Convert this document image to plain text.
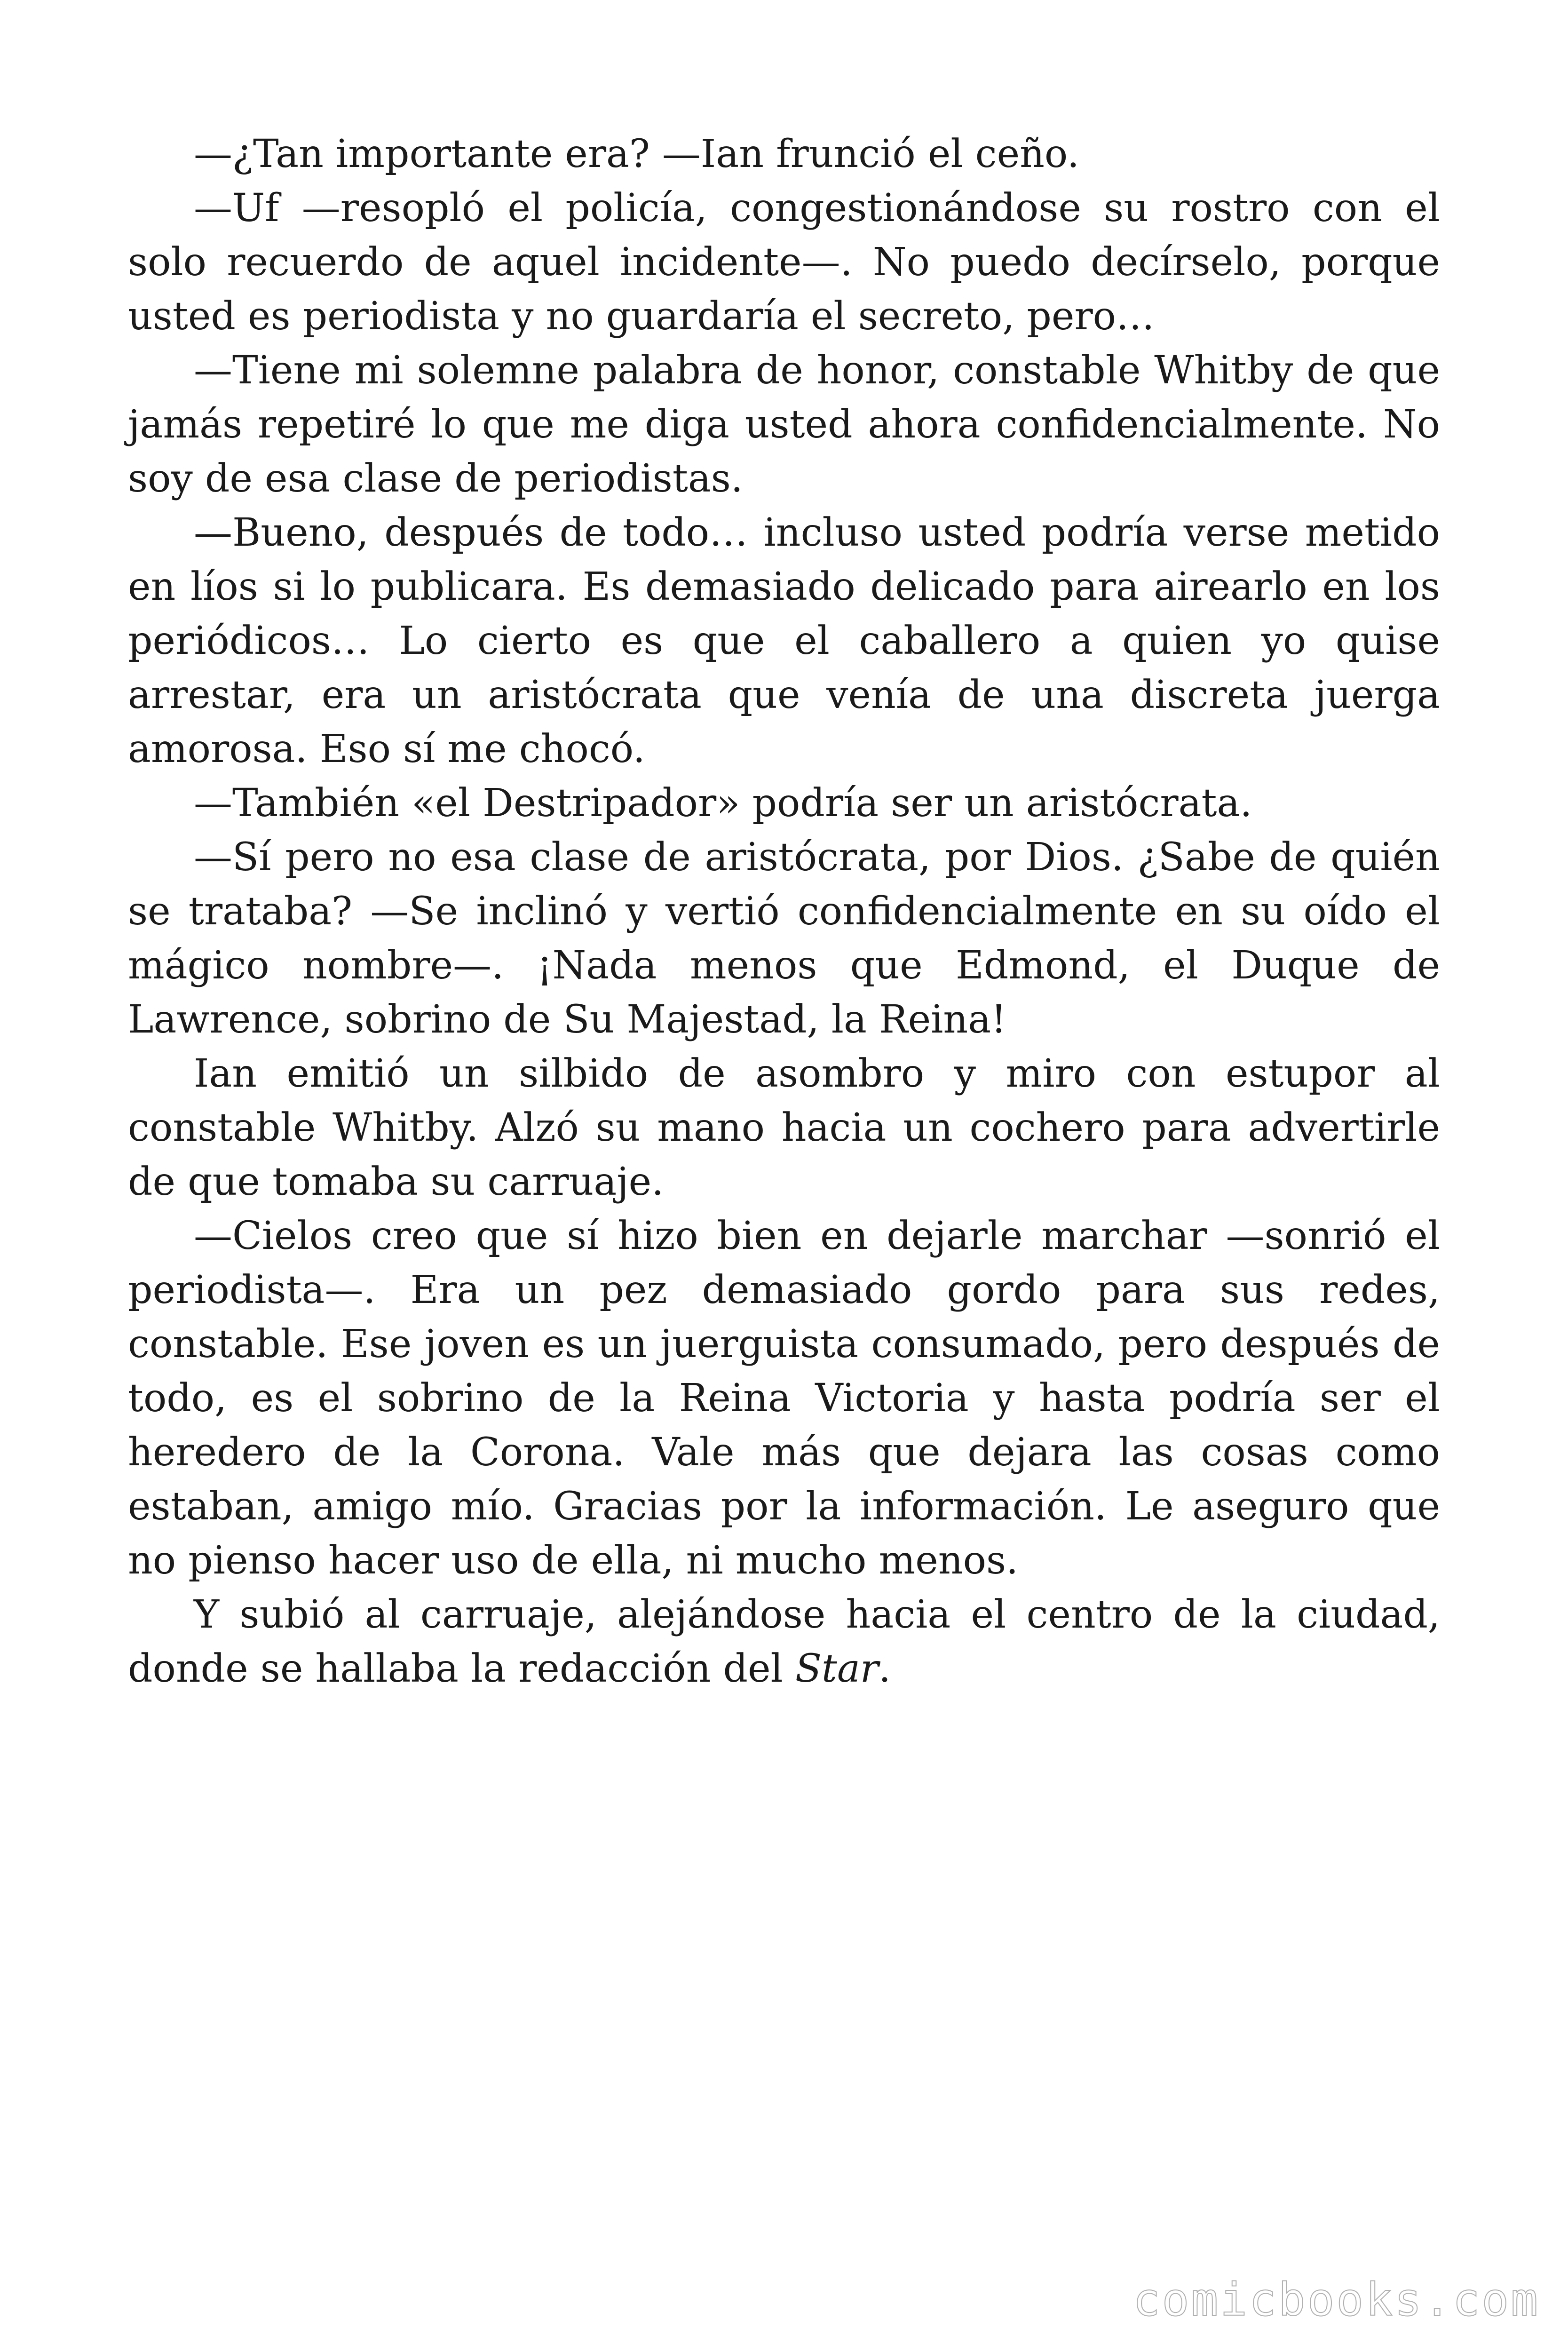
—¿Tan importante era? —Ian frunció el ceño.

—Uf —resopló el policía, congestionándose su rostro con el solo recuerdo de aquel incidente—. No puedo decírselo, porque usted es periodista y no guardaría el secreto, pero…

—Tiene mi solemne palabra de honor, constable Whitby de que jamás repetiré lo que me diga usted ahora confidencialmente. No soy de esa clase de periodistas.

—Bueno, después de todo… incluso usted podría verse metido en líos si lo publicara. Es demasiado delicado para airearlo en los periódicos… Lo cierto es que el caballero a quien yo quise arrestar, era un aristócrata que venía de una discreta juerga amorosa. Eso sí me chocó.

—También «el Destripador» podría ser un aristócrata.

—Sí pero no esa clase de aristócrata, por Dios. ¿Sabe de quién se trataba? —Se inclinó y vertió confidencialmente en su oído el mágico nombre—. ¡Nada menos que Edmond, el Duque de Lawrence, sobrino de Su Majestad, la Reina!

Ian emitió un silbido de asombro y miro con estupor al constable Whitby. Alzó su mano hacia un cochero para advertirle de que tomaba su carruaje.

—Cielos creo que sí hizo bien en dejarle marchar —sonrió el periodista—. Era un pez demasiado gordo para sus redes, constable. Ese joven es un juerguista consumado, pero después de todo, es el sobrino de la Reina Victoria y hasta podría ser el heredero de la Corona. Vale más que dejara las cosas como estaban, amigo mío. Gracias por la información. Le aseguro que no pienso hacer uso de ella, ni mucho menos.

Y subió al carruaje, alejándose hacia el centro de la ciudad, donde se hallaba la redacción del Star.

comicbooks.com
